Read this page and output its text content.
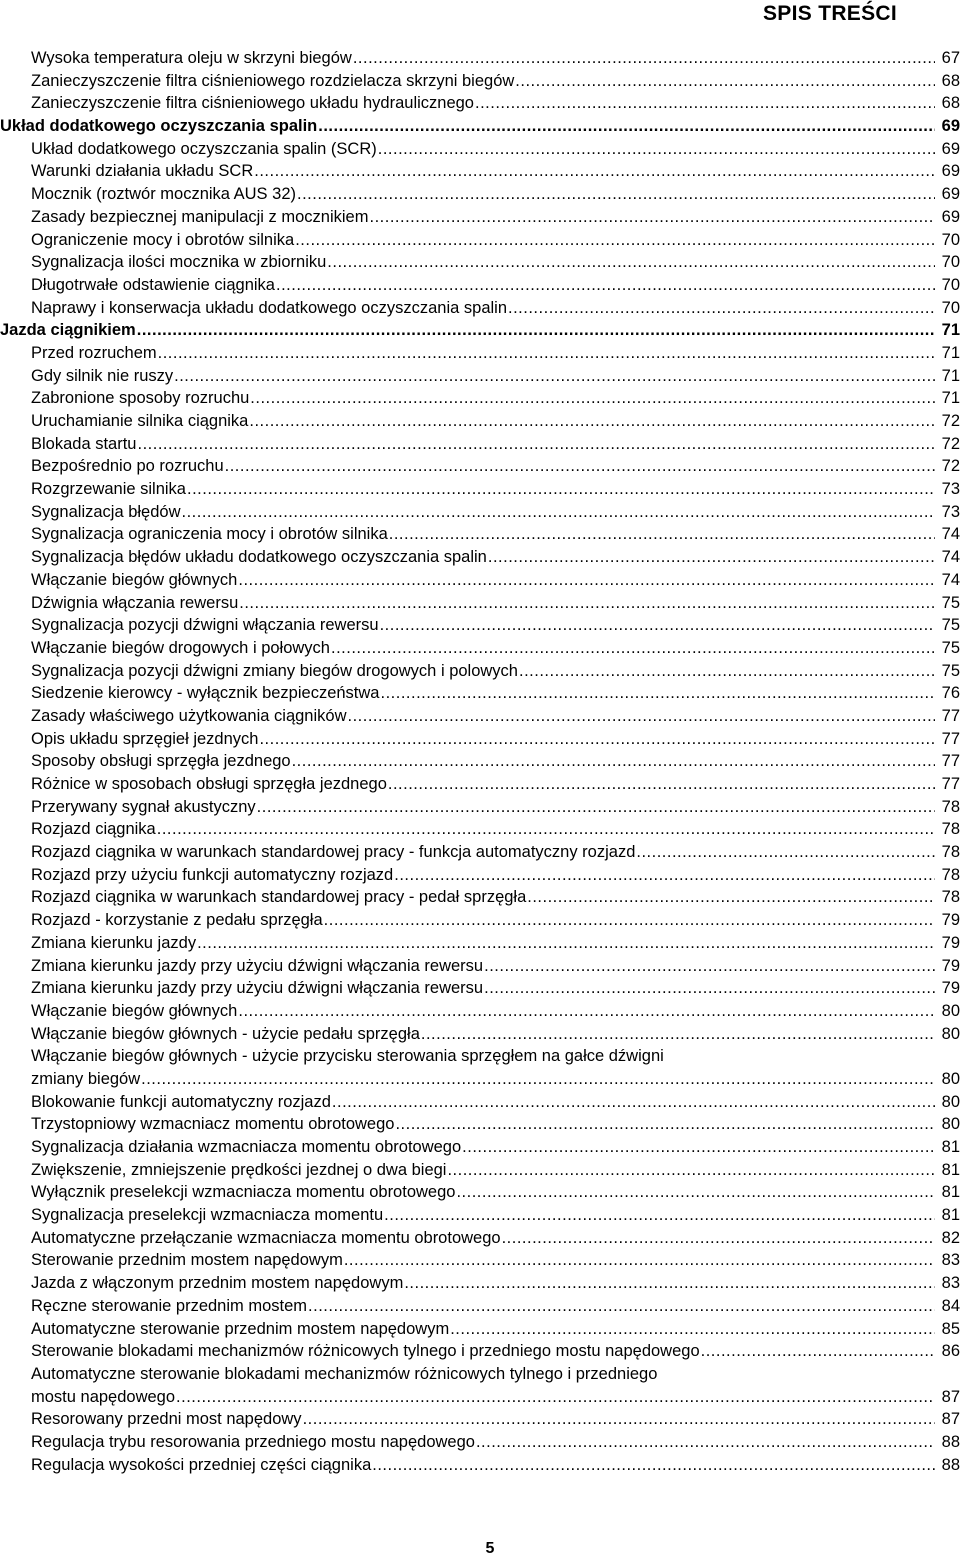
SPIS TREŚCI
Wysoka temperatura oleju w skrzyni biegów .....	67
Zanieczyszczenie filtra ciśnieniowego rozdzielacza skrzyni biegów .....	68
Zanieczyszczenie filtra ciśnieniowego układu hydraulicznego .....	68
Układ dodatkowego oczyszczania spalin .....	69
Układ dodatkowego oczyszczania spalin (SCR) .....	69
Warunki działania układu SCR .....	69
Mocznik (roztwór mocznika AUS 32) .....	69
Zasady bezpiecznej manipulacji z mocznikiem .....	69
Ograniczenie mocy i obrotów silnika .....	70
Sygnalizacja ilości mocznika w zbiorniku .....	70
Długotrwałe odstawienie ciągnika .....	70
Naprawy i konserwacja układu dodatkowego oczyszczania spalin .....	70
Jazda ciągnikiem .....	71
Przed rozruchem .....	71
Gdy silnik nie ruszy .....	71
Zabronione sposoby rozruchu .....	71
Uruchamianie silnika ciągnika .....	72
Blokada startu .....	72
Bezpośrednio po rozruchu .....	72
Rozgrzewanie silnika .....	73
Sygnalizacja błędów .....	73
Sygnalizacja ograniczenia mocy i obrotów silnika .....	74
Sygnalizacja błędów układu dodatkowego oczyszczania spalin .....	74
Włączanie biegów głównych .....	74
Dźwignia włączania rewersu .....	75
Sygnalizacja pozycji dźwigni włączania rewersu .....	75
Włączanie biegów drogowych i połowych .....	75
Sygnalizacja pozycji dźwigni zmiany biegów drogowych i polowych .....	75
Siedzenie kierowcy - wyłącznik bezpieczeństwa .....	76
Zasady właściwego użytkowania ciągników .....	77
Opis układu sprzęgieł jezdnych .....	77
Sposoby obsługi sprzęgła jezdnego .....	77
Różnice w sposobach obsługi sprzęgła jezdnego .....	77
Przerywany sygnał akustyczny .....	78
Rozjazd ciągnika .....	78
Rozjazd ciągnika w warunkach standardowej pracy - funkcja automatyczny rozjazd .....	78
Rozjazd przy użyciu funkcji automatyczny rozjazd .....	78
Rozjazd ciągnika w warunkach standardowej pracy - pedał sprzęgła .....	78
Rozjazd - korzystanie z pedału sprzęgła .....	79
Zmiana kierunku jazdy .....	79
Zmiana kierunku jazdy przy użyciu dźwigni włączania rewersu .....	79
Zmiana kierunku jazdy przy użyciu dźwigni włączania rewersu .....	79
Włączanie biegów głównych .....	80
Włączanie biegów głównych - użycie pedału sprzęgła .....	80
Włączanie biegów głównych - użycie przycisku sterowania sprzęgłem na gałce dźwigni
zmiany biegów .....	80
Blokowanie funkcji automatyczny rozjazd .....	80
Trzystopniowy wzmacniacz momentu obrotowego .....	80
Sygnalizacja działania wzmacniacza momentu obrotowego .....	81
Zwiększenie, zmniejszenie prędkości jezdnej o dwa biegi .....	81
Wyłącznik preselekcji wzmacniacza momentu obrotowego .....	81
Sygnalizacja preselekcji wzmacniacza momentu .....	81
Automatyczne przełączanie wzmacniacza momentu obrotowego .....	82
Sterowanie przednim mostem napędowym .....	83
Jazda z włączonym przednim mostem napędowym .....	83
Ręczne sterowanie przednim mostem .....	84
Automatyczne sterowanie przednim mostem napędowym .....	85
Sterowanie blokadami mechanizmów różnicowych tylnego i przedniego mostu napędowego .....	86
Automatyczne sterowanie blokadami mechanizmów różnicowych tylnego i przedniego
mostu napędowego .....	87
Resorowany przedni most napędowy .....	87
Regulacja trybu resorowania przedniego mostu napędowego .....	88
Regulacja wysokości przedniej części ciągnika .....	88
5
